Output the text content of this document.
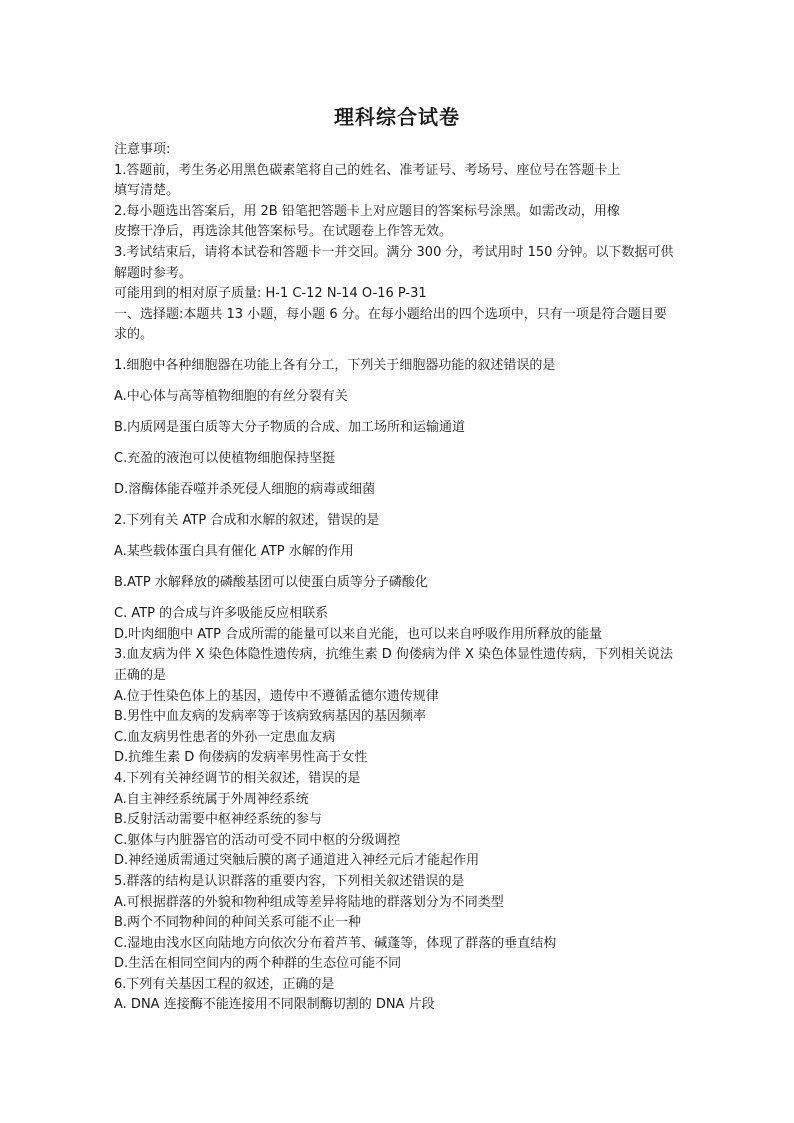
理科综合试卷
注意事项:
1.答题前，考生务必用黑色碳素笔将自己的姓名、准考证号、考场号、座位号在答题卡上
填写清楚。
2.每小题选出答案后，用 2B 铅笔把答题卡上对应题目的答案标号涂黑。如需改动，用橡
皮擦干净后，再选涂其他答案标号。在试题卷上作答无效。
3.考试结束后，请将本试卷和答题卡一并交回。满分 300 分，考试用时 150 分钟。以下数据可供
解题时参考。
可能用到的相对原子质量: H-1 C-12 N-14 O-16 P-31
一、选择题:本题共 13 小题，每小题 6 分。在每小题给出的四个选项中，只有一项是符合题目要
求的。
1.细胞中各种细胞器在功能上各有分工，下列关于细胞器功能的叙述错误的是
A.中心体与高等植物细胞的有丝分裂有关
B.内质网是蛋白质等大分子物质的合成、加工场所和运输通道
C.充盈的液泡可以使植物细胞保持坚挺
D.溶酶体能吞噬并杀死侵人细胞的病毒或细菌
2.下列有关 ATP 合成和水解的叙述，错误的是
A.某些载体蛋白具有催化 ATP 水解的作用
B.ATP 水解释放的磷酸基团可以使蛋白质等分子磷酸化
C. ATP 的合成与许多吸能反应相联系
D.叶肉细胞中 ATP 合成所需的能量可以来自光能，也可以来自呼吸作用所释放的能量
3.血友病为伴 X 染色体隐性遗传病，抗维生素 D 佝偻病为伴 X 染色体显性遗传病，下列相关说法
正确的是
A.位于性染色体上的基因，遗传中不遵循孟德尔遗传规律
B.男性中血友病的发病率等于该病致病基因的基因频率
C.血友病男性患者的外孙一定患血友病
D.抗维生素 D 佝偻病的发病率男性高于女性
4.下列有关神经调节的相关叙述，错误的是
A.自主神经系统属于外周神经系统
B.反射活动需要中枢神经系统的参与
C.躯体与内脏器官的活动可受不同中枢的分级调控
D.神经递质需通过突触后膜的离子通道进入神经元后才能起作用
5.群落的结构是认识群落的重要内容，下列相关叙述错误的是
A.可根据群落的外貌和物种组成等差异将陆地的群落划分为不同类型
B.两个不同物种间的种间关系可能不止一种
C.湿地由浅水区向陆地方向依次分布着芦苇、碱蓬等，体现了群落的垂直结构
D.生活在相同空间内的两个种群的生态位可能不同
6.下列有关基因工程的叙述，正确的是
A. DNA 连接酶不能连接用不同限制酶切割的 DNA 片段
